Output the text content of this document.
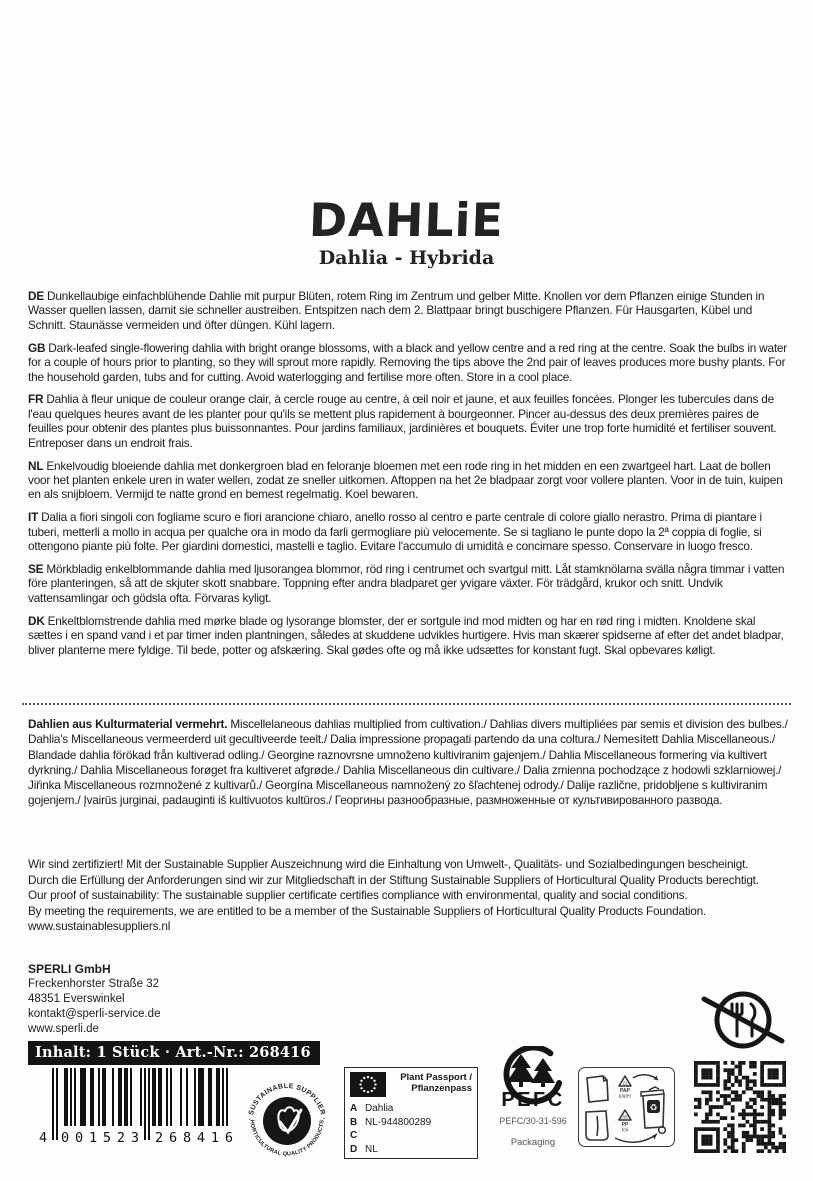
DAHLiE
Dahlia - Hybrida

DE Dunkellaubige einfachblühende Dahlie mit purpur Blüten, rotem Ring im Zentrum und gelber Mitte. Knollen vor dem Pflanzen einige Stunden in Wasser quellen lassen, damit sie schneller austreiben. Entspitzen nach dem 2. Blattpaar bringt buschigere Pflanzen. Für Hausgarten, Kübel und Schnitt. Staunässe vermeiden und öfter düngen. Kühl lagern.

GB Dark-leafed single-flowering dahlia with bright orange blossoms, with a black and yellow centre and a red ring at the centre. Soak the bulbs in water for a couple of hours prior to planting, so they will sprout more rapidly. Removing the tips above the 2nd pair of leaves produces more bushy plants. For the household garden, tubs and for cutting. Avoid waterlogging and fertilise more often. Store in a cool place.

FR Dahlia à fleur unique de couleur orange clair, à cercle rouge au centre, à œil noir et jaune, et aux feuilles foncées. Plonger les tubercules dans de l'eau quelques heures avant de les planter pour qu'ils se mettent plus rapidement à bourgeonner. Pincer au-dessus des deux premières paires de feuilles pour obtenir des plantes plus buissonnantes. Pour jardins familiaux, jardinières et bouquets. Éviter une trop forte humidité et fertiliser souvent. Entreposer dans un endroit frais.

NL Enkelvoudig bloeiende dahlia met donkergroen blad en feloranje bloemen met een rode ring in het midden en een zwartgeel hart. Laat de bollen voor het planten enkele uren in water wellen, zodat ze sneller uitkomen. Aftoppen na het 2e bladpaar zorgt voor vollere planten. Voor in de tuin, kuipen en als snijbloem. Vermijd te natte grond en bemest regelmatig. Koel bewaren.

IT Dalia a fiori singoli con fogliame scuro e fiori arancione chiaro, anello rosso al centro e parte centrale di colore giallo nerastro. Prima di piantare i tuberi, metterli a mollo in acqua per qualche ora in modo da farli germogliare più velocemente. Se si tagliano le punte dopo la 2ª coppia di foglie, si ottengono piante più folte. Per giardini domestici, mastelli e taglio. Evitare l'accumulo di umidità e concimare spesso. Conservare in luogo fresco.

SE Mörkbladig enkelblommande dahlia med ljusorangea blommor, röd ring i centrumet och svartgul mitt. Låt stamknölarna svälla några timmar i vatten före planteringen, så att de skjuter skott snabbare. Toppning efter andra bladparet ger yvigare växter. För trädgård, krukor och snitt. Undvik vattensamlingar och gödsla ofta. Förvaras kyligt.

DK Enkeltblomstrende dahlia med mørke blade og lysorange blomster, der er sortgule ind mod midten og har en rød ring i midten. Knoldene skal sættes i en spand vand i et par timer inden plantningen, således at skuddene udvikles hurtigere. Hvis man skærer spidserne af efter det andet bladpar, bliver planterne mere fyldige. Til bede, potter og afskæring. Skal gødes ofte og må ikke udsættes for konstant fugt. Skal opbevares køligt.

Dahlien aus Kulturmaterial vermehrt. Miscellelaneous dahlias multiplied from cultivation./ Dahlias divers multipliées par semis et division des bulbes./ Dahlia's Miscellaneous vermeerderd uit gecultiveerde teelt./ Dalia impressione propagati partendo da una coltura./ Nemesített Dahlia Miscellaneous./ Blandade dahlia förökad från kultiverad odling./ Georgine raznovrsne umnoženo kultiviranim gajenjem./ Dahlia Miscellaneous formering via kultivert dyrkning./ Dahlia Miscellaneous forøget fra kultiveret afgrøde./ Dahlia Miscellaneous din cultivare./ Dalia zmienna pochodzące z hodowli szklarniowej./ Jiřinka Miscellaneous rozmnožené z kultivarů./ Georgína Miscellaneous namnožený zo šľachtenej odrody./ Dalije različne, pridobljene s kultiviranim gojenjem./ Įvairūs jurginai, padauginti iš kultivuotos kultūros./ Георгины разнообразные, размноженные от культивированного развода.
Wir sind zertifiziert! Mit der Sustainable Supplier Auszeichnung wird die Einhaltung von Umwelt-, Qualitäts- und Sozialbedingungen bescheinigt.
Durch die Erfüllung der Anforderungen sind wir zur Mitgliedschaft in der Stiftung Sustainable Suppliers of Horticultural Quality Products berechtigt.
Our proof of sustainability: The sustainable supplier certificate certifies compliance with environmental, quality and social conditions.
By meeting the requirements, we are entitled to be a member of the Sustainable Suppliers of Horticultural Quality Products Foundation.
www.sustainablesuppliers.nl
SPERLI GmbH
Freckenhorster Straße 32
48351 Everswinkel
kontakt@sperli-service.de
www.sperli.de
Inhalt: 1 Stück · Art.-Nr.: 268416
4 001523 268416
· SUSTAINABLE SUPPLIER ·
HORTICULTURAL QUALITY PRODUCTS
Plant Passport /
Pflanzenpass
A Dahlia
B NL-944800289
C
D NL
PEFC
PEFC/30-31-596
Packaging
21
PAP
paper
05
PP
foil
♻
